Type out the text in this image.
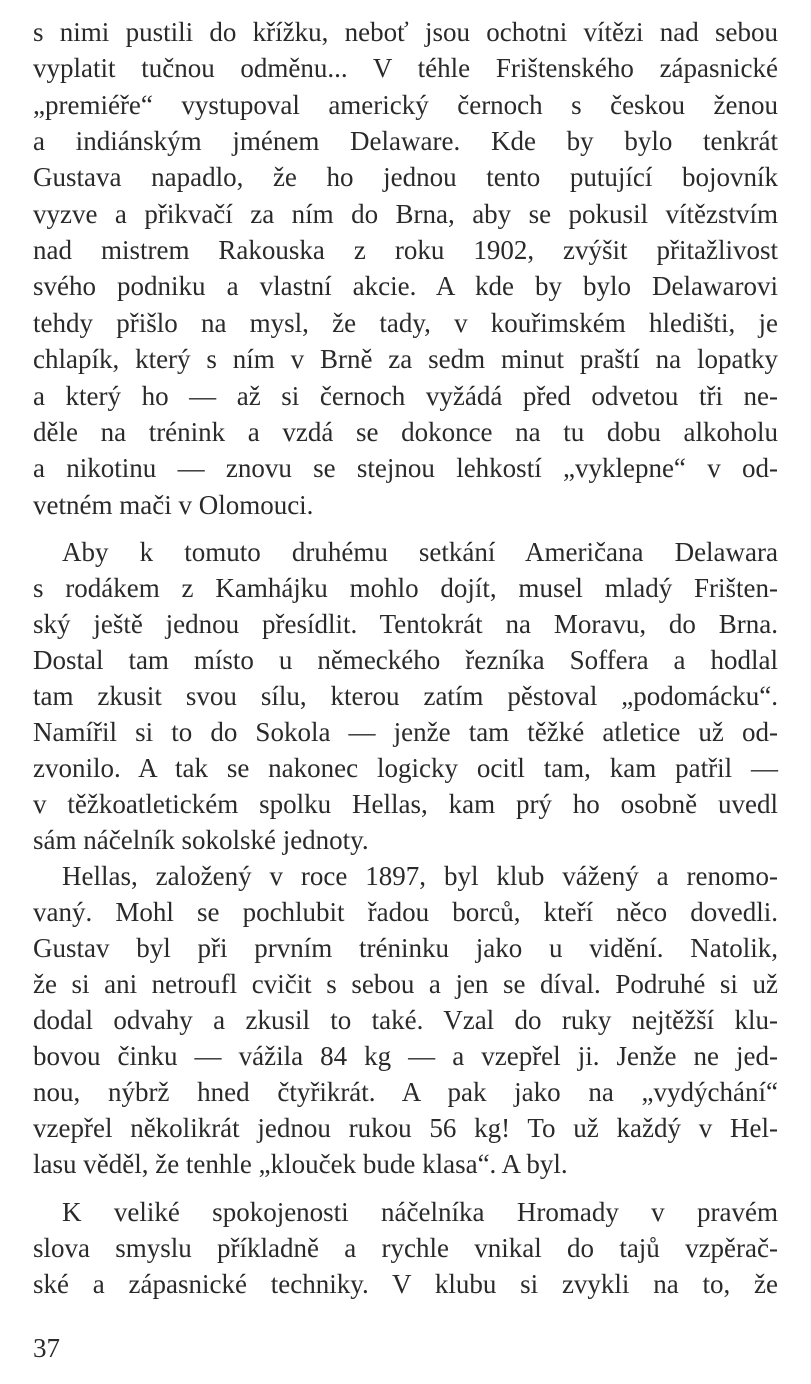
s nimi pustili do křížku, neboť jsou ochotni vítězi nad sebou
vyplatit tučnou odměnu... V téhle Frištenského zápasnické
„premiéře“ vystupoval americký černoch s českou ženou
a indiánským jménem Delaware. Kde by bylo tenkrát
Gustava napadlo, že ho jednou tento putující bojovník
vyzve a přikvačí za ním do Brna, aby se pokusil vítězstvím
nad mistrem Rakouska z roku 1902, zvýšit přitažlivost
svého podniku a vlastní akcie. A kde by bylo Delawarovi
tehdy přišlo na mysl, že tady, v kouřimském hledišti, je
chlapík, který s ním v Brně za sedm minut praští na lopatky
a který ho — až si černoch vyžádá před odvetou tři ne-
děle na trénink a vzdá se dokonce na tu dobu alkoholu
a nikotinu — znovu se stejnou lehkostí „vyklepne“ v od-
vetném mači v Olomouci.
Aby k tomuto druhému setkání Američana Delawara
s rodákem z Kamhájku mohlo dojít, musel mladý Frišten-
ský ještě jednou přesídlit. Tentokrát na Moravu, do Brna.
Dostal tam místo u německého řezníka Soffera a hodlal
tam zkusit svou sílu, kterou zatím pěstoval „podomácku“.
Namířil si to do Sokola — jenže tam těžké atletice už od-
zvonilo. A tak se nakonec logicky ocitl tam, kam patřil —
v těžkoatletickém spolku Hellas, kam prý ho osobně uvedl
sám náčelník sokolské jednoty.
Hellas, založený v roce 1897, byl klub vážený a renomo-
vaný. Mohl se pochlubit řadou borců, kteří něco dovedli.
Gustav byl při prvním tréninku jako u vidění. Natolik,
že si ani netroufl cvičit s sebou a jen se díval. Podruhé si už
dodal odvahy a zkusil to také. Vzal do ruky nejtěžší klu-
bovou činku — vážila 84 kg — a vzepřel ji. Jenže ne jed-
nou, nýbrž hned čtyřikrát. A pak jako na „vydýchání“
vzepřel několikrát jednou rukou 56 kg! To už každý v Hel-
lasu věděl, že tenhle „klouček bude klasa“. A byl.
K veliké spokojenosti náčelníka Hromady v pravém
slova smyslu příkladně a rychle vnikal do tajů vzpěrač-
ské a zápasnické techniky. V klubu si zvykli na to, že
37
